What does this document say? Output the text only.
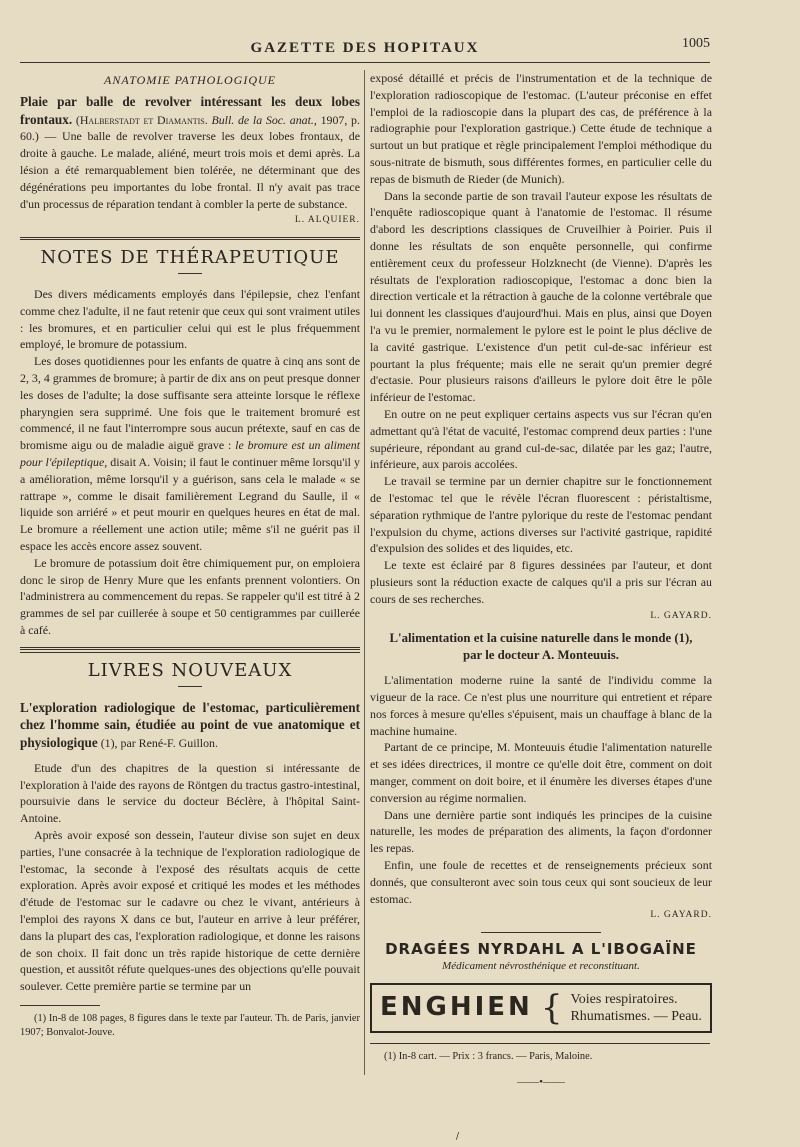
GAZETTE DES HOPITAUX	1005
ANATOMIE PATHOLOGIQUE

Plaie par balle de revolver intéressant les deux lobes frontaux. (Halberstadt et Diamantis. Bull. de la Soc. anat., 1907, p. 60.) — Une balle de revolver traverse les deux lobes frontaux, de droite à gauche. Le malade, aliéné, meurt trois mois et demi après. La lésion a été remarquablement bien tolérée, ne déterminant que des dégénérations peu importantes du lobe frontal. Il n'y avait pas trace d'un processus de réparation tendant à combler la perte de substance.

L. ALQUIER.
NOTES DE THÉRAPEUTIQUE

Des divers médicaments employés dans l'épilepsie, chez l'enfant comme chez l'adulte, il ne faut retenir que ceux qui sont vraiment utiles : les bromures, et en particulier celui qui est le plus fréquemment employé, le bromure de potassium.

Les doses quotidiennes pour les enfants de quatre à cinq ans sont de 2, 3, 4 grammes de bromure; à partir de dix ans on peut presque donner les doses de l'adulte; la dose suffisante sera atteinte lorsque le réflexe pharyngien sera supprimé. Une fois que le traitement bromuré est commencé, il ne faut l'interrompre sous aucun prétexte, sauf en cas de bromisme aigu ou de maladie aiguë grave : le bromure est un aliment pour l'épileptique, disait A. Voisin; il faut le continuer même lorsqu'il y a amélioration, même lorsqu'il y a guérison, sans cela le malade « se rattrape », comme le disait familièrement Legrand du Saulle, il « liquide son arriéré » et peut mourir en quelques heures en état de mal. Le bromure a réellement une action utile; même s'il ne guérit pas il espace les accès encore assez souvent.

Le bromure de potassium doit être chimiquement pur, on emploiera donc le sirop de Henry Mure que les enfants prennent volontiers. On l'administrera au commencement du repas. Se rappeler qu'il est titré à 2 grammes de sel par cuillerée à soupe et 50 centigrammes par cuillerée à café.

LIVRES NOUVEAUX

L'exploration radiologique de l'estomac, particulièrement chez l'homme sain, étudiée au point de vue anatomique et physiologique (1), par René-F. Guillon.

Etude d'un des chapitres de la question si intéressante de l'exploration à l'aide des rayons de Röntgen du tractus gastro-intestinal, poursuivie dans le service du docteur Béclère, à l'hôpital Saint-Antoine.

Après avoir exposé son dessein, l'auteur divise son sujet en deux parties, l'une consacrée à la technique de l'exploration radiologique de l'estomac, la seconde à l'exposé des résultats acquis de cette exploration. Après avoir exposé et critiqué les modes et les méthodes d'étude de l'estomac sur le cadavre ou chez le vivant, antérieurs à l'emploi des rayons X dans ce but, l'auteur en arrive à leur préférer, dans la plupart des cas, l'exploration radiologique, et donne les raisons de son choix. Il fait donc un très rapide historique de cette dernière question, et aussitôt réfute quelques-unes des objections qu'elle pouvait soulever. Cette première partie se termine par un

(1) In-8 de 108 pages, 8 figures dans le texte par l'auteur. Th. de Paris, janvier 1907; Bonvalot-Jouve.

exposé détaillé et précis de l'instrumentation et de la technique de l'exploration radioscopique de l'estomac. (L'auteur préconise en effet l'emploi de la radioscopie dans la plupart des cas, de préférence à la radiographie pour l'exploration gastrique.) Cette étude de technique a surtout un but pratique et règle principalement l'emploi méthodique du sous-nitrate de bismuth, sous différentes formes, en particulier celle du repas de bismuth de Rieder (de Munich).

Dans la seconde partie de son travail l'auteur expose les résultats de l'enquête radioscopique quant à l'anatomie de l'estomac. Il résume d'abord les descriptions classiques de Cruveilhier à Poirier. Puis il donne les résultats de son enquête personnelle, qui confirme entièrement ceux du professeur Holzknecht (de Vienne). D'après les résultats de l'exploration radioscopique, l'estomac a donc bien la direction verticale et la rétraction à gauche de la colonne vertébrale que lui donnent les classiques d'aujourd'hui. Mais en plus, ainsi que Doyen l'a vu le premier, normalement le pylore est le point le plus déclive de la cavité gastrique. L'existence d'un petit cul-de-sac inférieur est pourtant la plus fréquente; mais elle ne serait qu'un premier degré d'ectasie. Pour plusieurs raisons d'ailleurs le pylore doit être le pôle inférieur de l'estomac.

En outre on ne peut expliquer certains aspects vus sur l'écran qu'en admettant qu'à l'état de vacuité, l'estomac comprend deux parties : l'une supérieure, répondant au grand cul-de-sac, dilatée par les gaz; l'autre, inférieure, aux parois accolées.

Le travail se termine par un dernier chapitre sur le fonctionnement de l'estomac tel que le révèle l'écran fluorescent : péristaltisme, séparation rythmique de l'antre pylorique du reste de l'estomac pendant l'expulsion du chyme, actions diverses sur l'activité gastrique, rapidité d'expulsion des solides et des liquides, etc.

Le texte est éclairé par 8 figures dessinées par l'auteur, et dont plusieurs sont la réduction exacte de calques qu'il a pris sur l'écran au cours de ses recherches.

L. GAYARD.
L'alimentation et la cuisine naturelle dans le monde (1),
par le docteur A. Monteuuis.

L'alimentation moderne ruine la santé de l'individu comme la vigueur de la race. Ce n'est plus une nourriture qui entretient et répare nos forces à mesure qu'elles s'épuisent, mais un chauffage à blanc de la machine humaine.

Partant de ce principe, M. Monteuuis étudie l'alimentation naturelle et ses idées directrices, il montre ce qu'elle doit être, comment on doit manger, comment on doit boire, et il énumère les diverses étapes d'une conversion au régime normalien.

Dans une dernière partie sont indiqués les principes de la cuisine naturelle, les modes de préparation des aliments, la façon d'ordonner les repas.

Enfin, une foule de recettes et de renseignements précieux sont donnés, que consulteront avec soin tous ceux qui sont soucieux de leur estomac.

L. GAYARD.
DRAGÉES NYRDAHL A L'IBOGAÏNE
Médicament névrosthénique et reconstituant.
ENGHIEN { Voies respiratoires.
Rhumatismes. — Peau.

(1) In-8 cart. — Prix : 3 francs. — Paris, Maloine.

——•——
/
